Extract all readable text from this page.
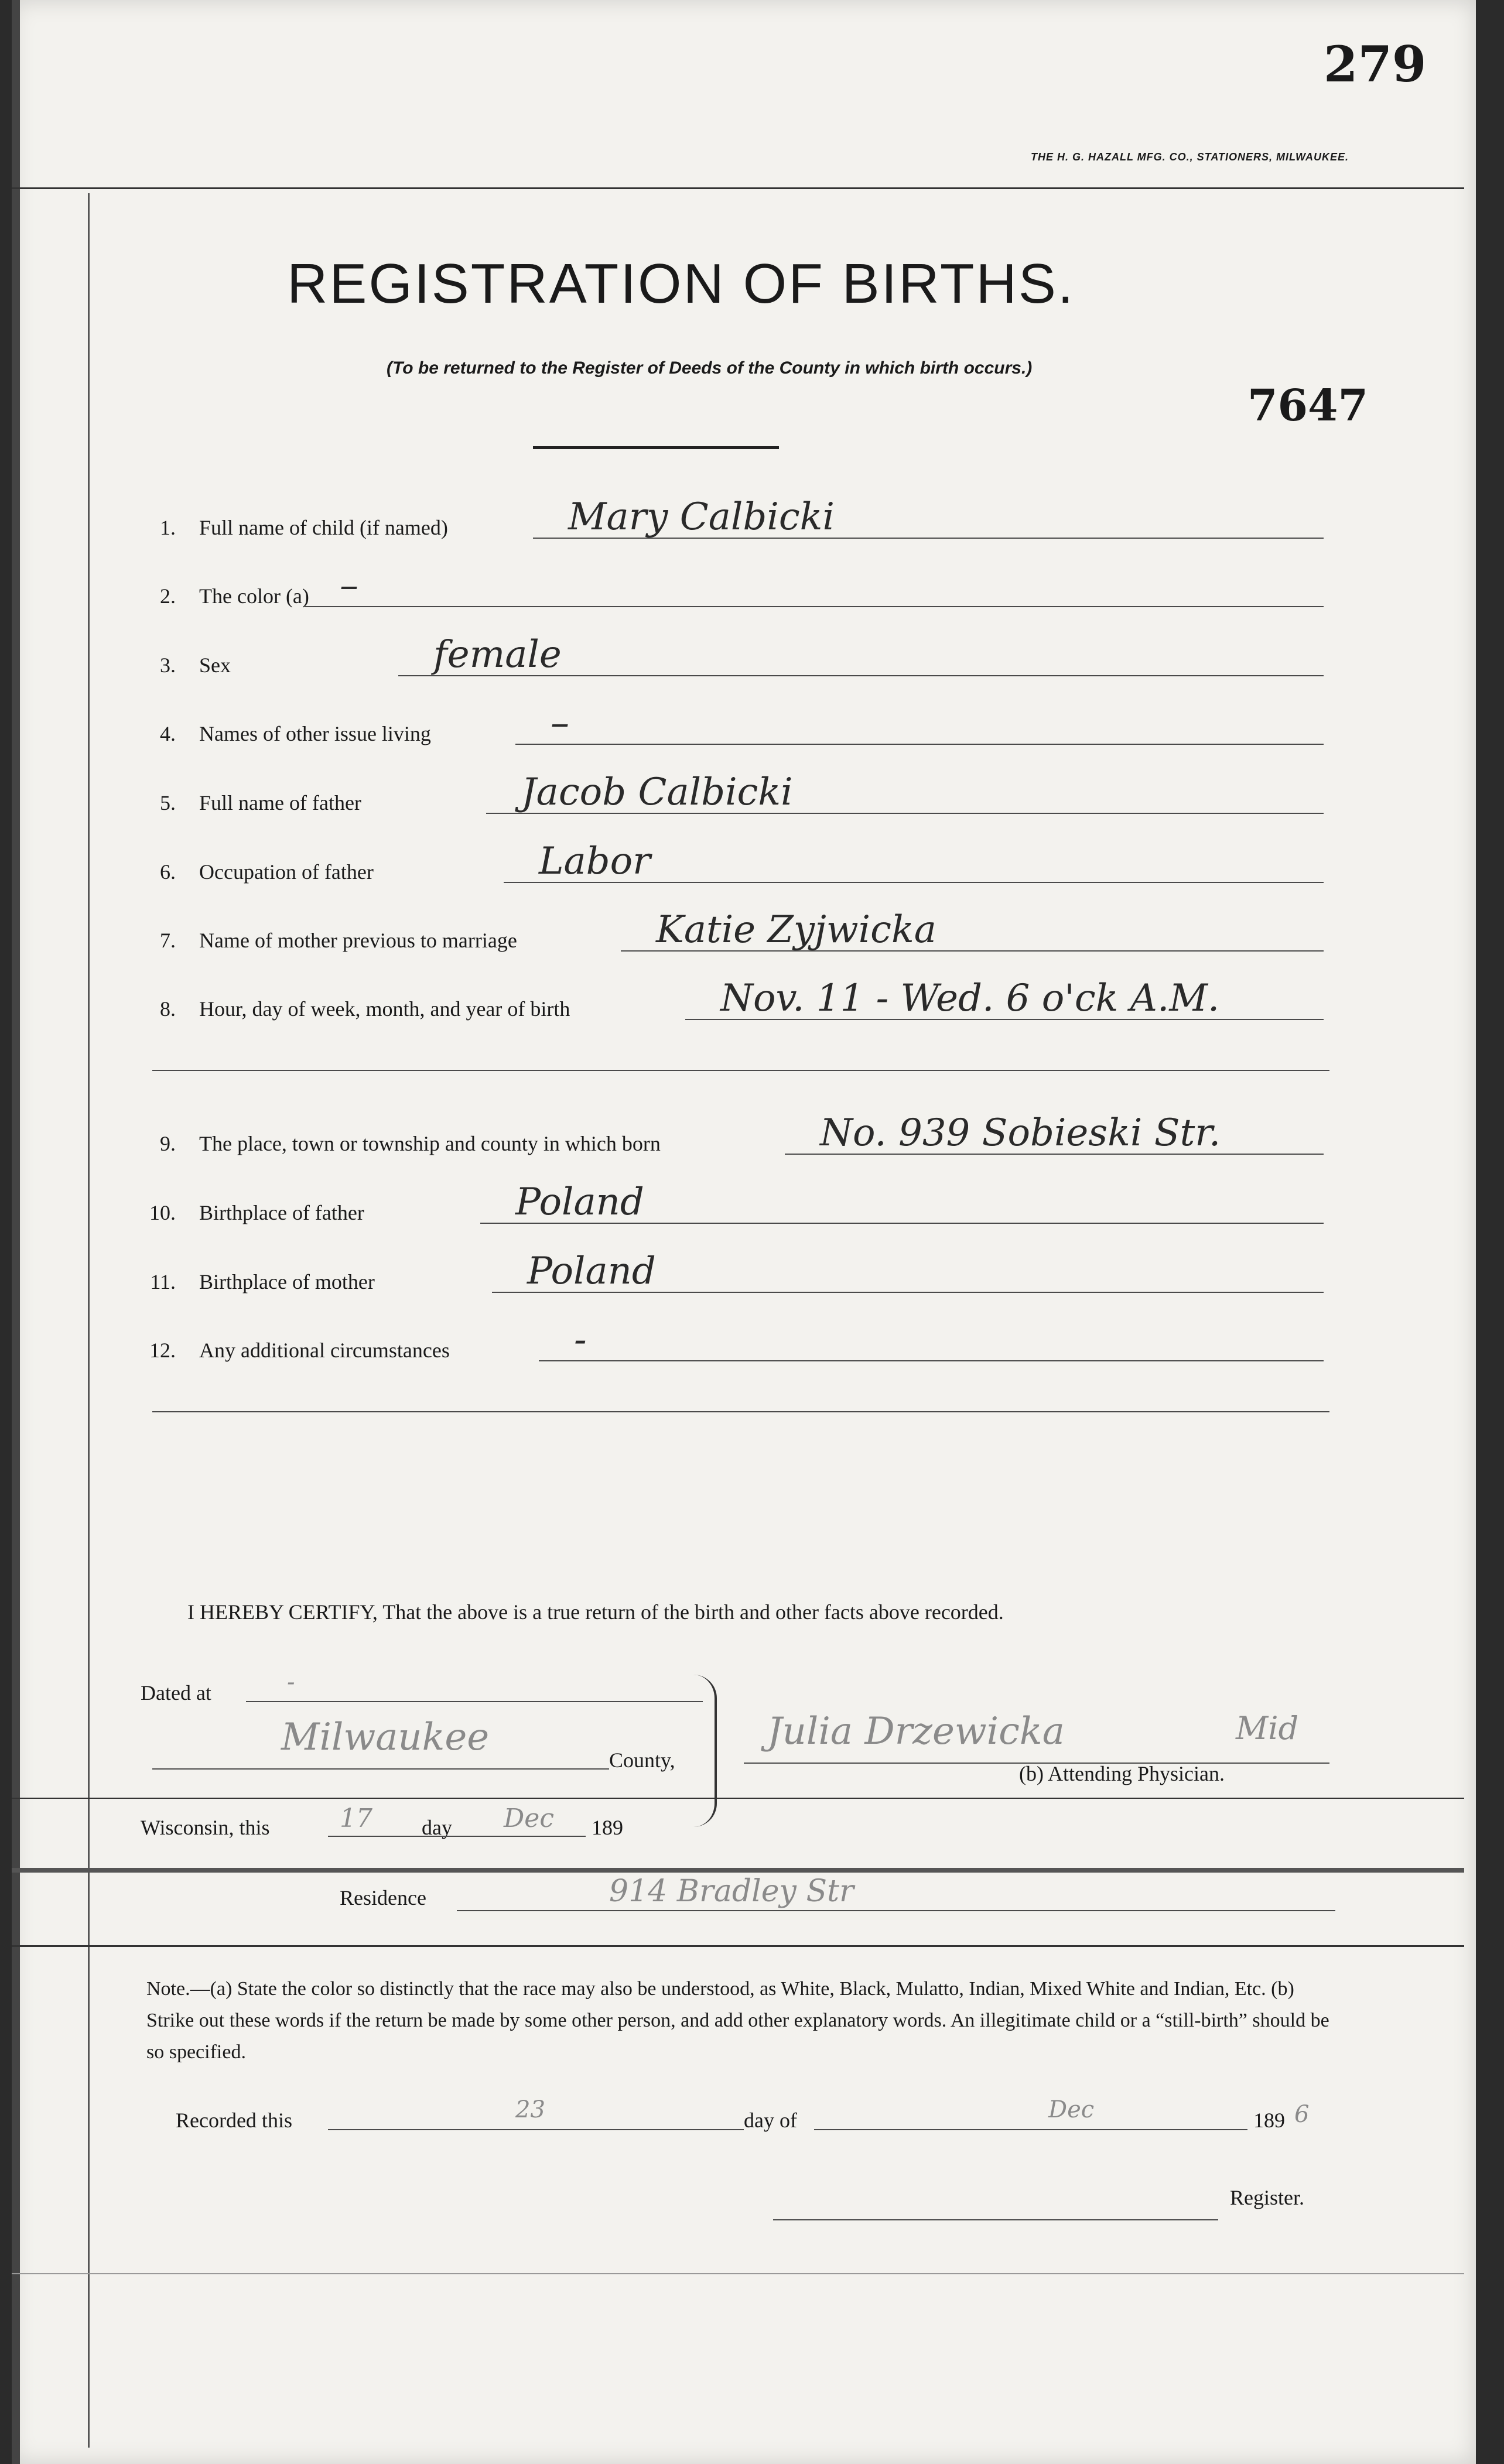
279
THE H. G. HAZALL MFG. CO., STATIONERS, MILWAUKEE.
REGISTRATION OF BIRTHS.
(To be returned to the Register of Deeds of the County in which birth occurs.)
7647
1. Full name of child (if named)	Mary Calbicki
2. The color (a) –
3. Sex	female
4. Names of other issue living	–
5. Full name of father	Jacob Calbicki
6. Occupation of father	Labor
7. Name of mother previous to marriage	Katie Zyjwicka
8. Hour, day of week, month, and year of birth	Nov. 11 - Wed. 6 o'ck A.M.
9. The place, town or township and county in which born	No. 939 Sobieski Str.
10. Birthplace of father	Poland
11. Birthplace of mother	Poland
12. Any additional circumstances	-
I HEREBY CERTIFY, That the above is a true return of the birth and other facts above recorded.
Dated at	-
Milwaukee
County,
Julia Drzewicka	Mid
(b) Attending Physician.
Wisconsin, this	17 day Dec 189
Residence	914 Bradley Str
Note.—(a) State the color so distinctly that the race may also be understood, as White, Black, Mulatto, Indian, Mixed White and Indian, Etc. (b) Strike out these words if the return be made by some other person, and add other explanatory words. An illegitimate child or a “still-birth” should be so specified.
Recorded this	23	day of	Dec	189 6
Register.
